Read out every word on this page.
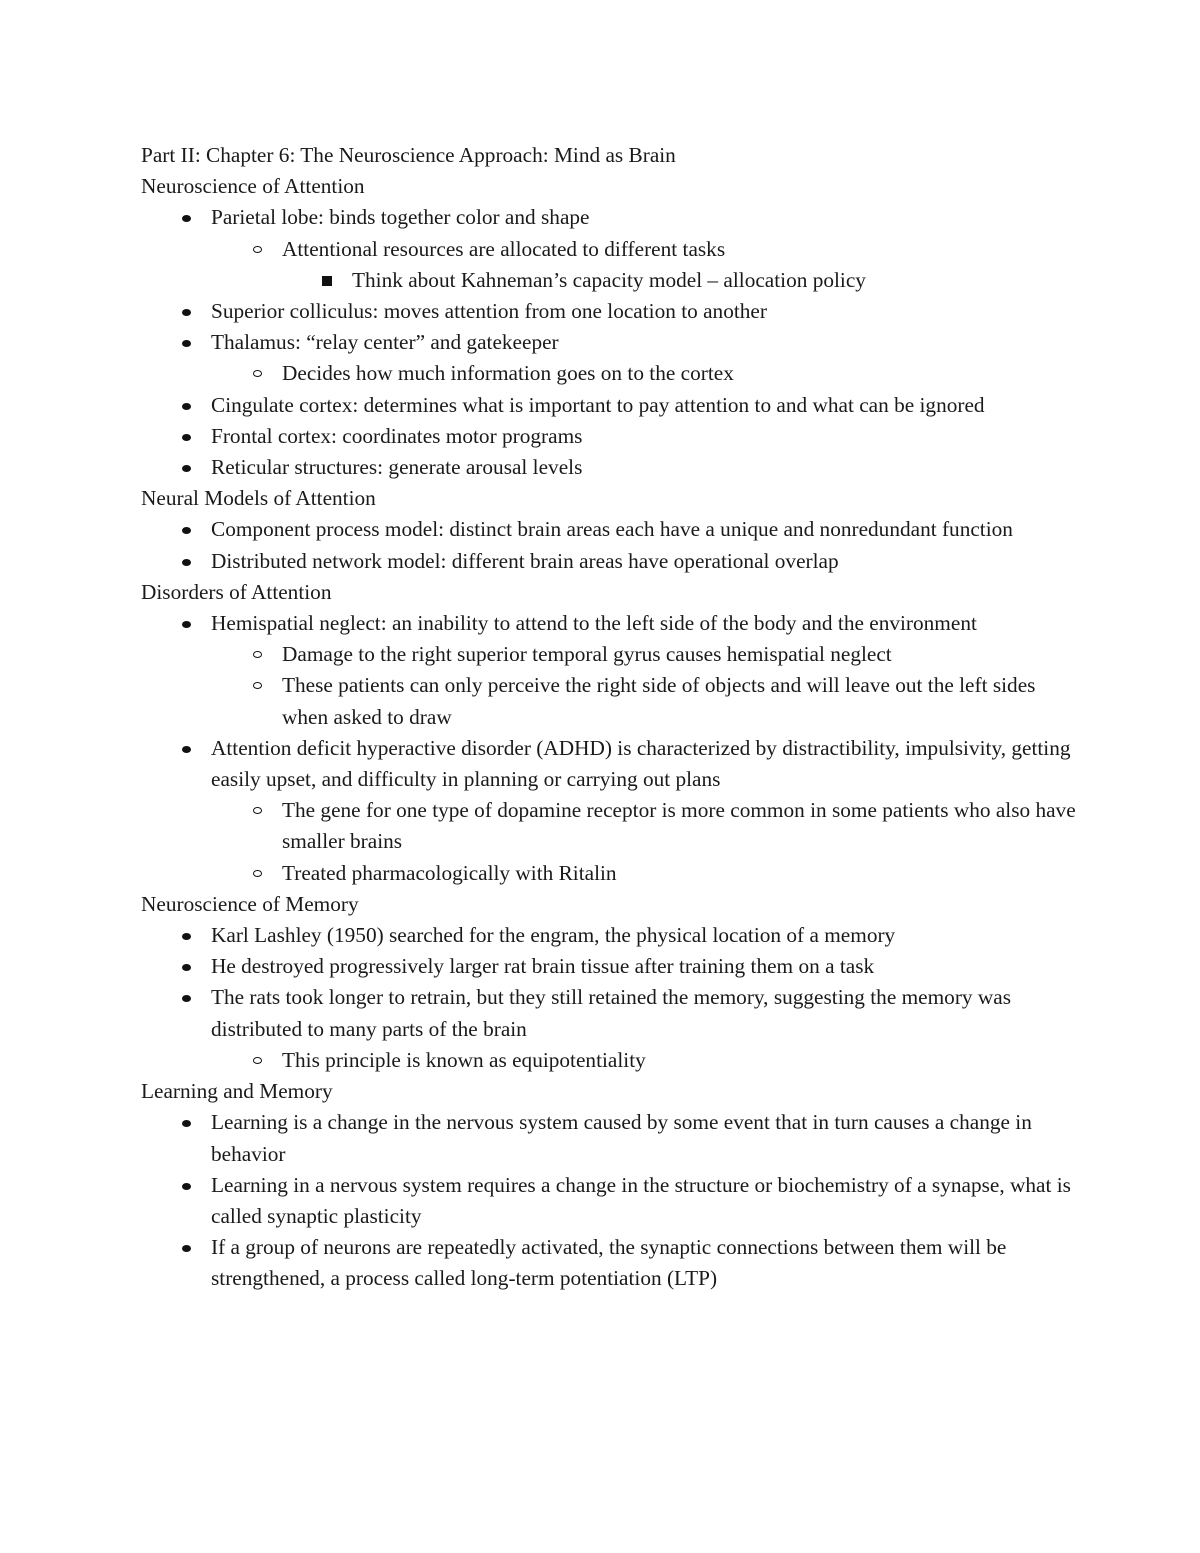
Part II: Chapter 6: The Neuroscience Approach: Mind as Brain
Neuroscience of Attention
Parietal lobe: binds together color and shape
Attentional resources are allocated to different tasks
Think about Kahneman’s capacity model – allocation policy
Superior colliculus: moves attention from one location to another
Thalamus: “relay center” and gatekeeper
Decides how much information goes on to the cortex
Cingulate cortex: determines what is important to pay attention to and what can be ignored
Frontal cortex: coordinates motor programs
Reticular structures: generate arousal levels
Neural Models of Attention
Component process model: distinct brain areas each have a unique and nonredundant function
Distributed network model: different brain areas have operational overlap
Disorders of Attention
Hemispatial neglect: an inability to attend to the left side of the body and the environment
Damage to the right superior temporal gyrus causes hemispatial neglect
These patients can only perceive the right side of objects and will leave out the left sides when asked to draw
Attention deficit hyperactive disorder (ADHD) is characterized by distractibility, impulsivity, getting easily upset, and difficulty in planning or carrying out plans
The gene for one type of dopamine receptor is more common in some patients who also have smaller brains
Treated pharmacologically with Ritalin
Neuroscience of Memory
Karl Lashley (1950) searched for the engram, the physical location of a memory
He destroyed progressively larger rat brain tissue after training them on a task
The rats took longer to retrain, but they still retained the memory, suggesting the memory was distributed to many parts of the brain
This principle is known as equipotentiality
Learning and Memory
Learning is a change in the nervous system caused by some event that in turn causes a change in behavior
Learning in a nervous system requires a change in the structure or biochemistry of a synapse, what is called synaptic plasticity
If a group of neurons are repeatedly activated, the synaptic connections between them will be strengthened, a process called long-term potentiation (LTP)
